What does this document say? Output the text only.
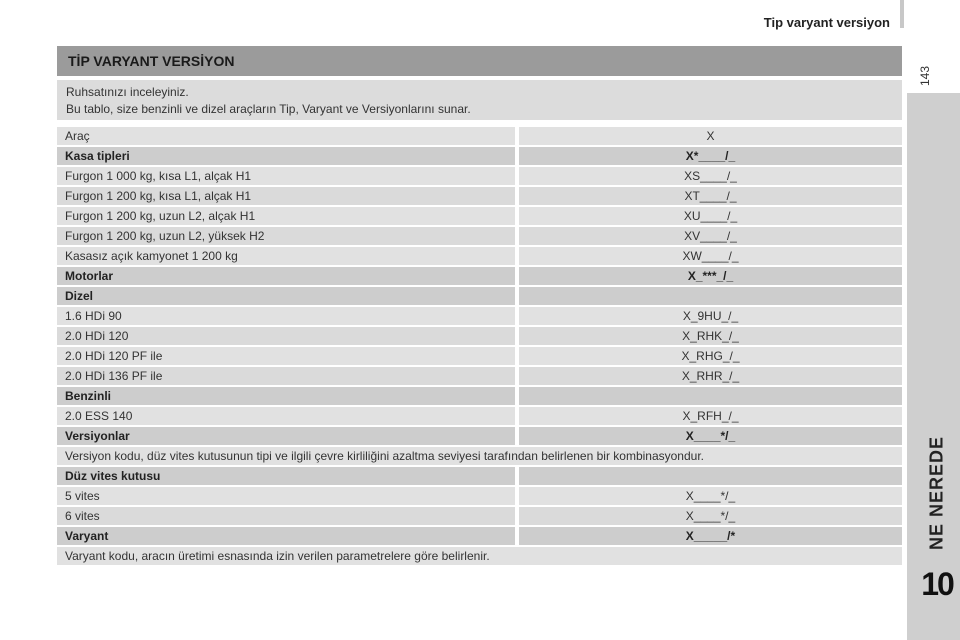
Tip varyant versiyon
143
NE NEREDE
10
TİP VARYANT VERSİYON
Ruhsatınızı inceleyiniz.
Bu tablo, size benzinli ve dizel araçların Tip, Varyant ve Versiyonlarını sunar.
Araç	X
Kasa tipleri	X*____/_
Furgon 1 000 kg, kısa L1, alçak H1	XS____/_
Furgon 1 200 kg, kısa L1, alçak H1	XT____/_
Furgon 1 200 kg, uzun L2, alçak H1	XU____/_
Furgon 1 200 kg, uzun L2, yüksek H2	XV____/_
Kasasız açık kamyonet 1 200 kg	XW____/_
Motorlar	X_***_/_
Dizel	
1.6 HDi 90	X_9HU_/_
2.0 HDi 120	X_RHK_/_
2.0 HDi 120 PF ile	X_RHG_/_
2.0 HDi 136 PF ile	X_RHR_/_
Benzinli	
2.0 ESS 140	X_RFH_/_
Versiyonlar	X____*/_
Versiyon kodu, düz vites kutusunun tipi ve ilgili çevre kirliliğini azaltma seviyesi tarafından belirlenen bir kombinasyondur.	
Düz vites kutusu	
5 vites	X____*/_
6 vites	X____*/_
Varyant	X_____/*
Varyant kodu, aracın üretimi esnasında izin verilen parametrelere göre belirlenir.	
